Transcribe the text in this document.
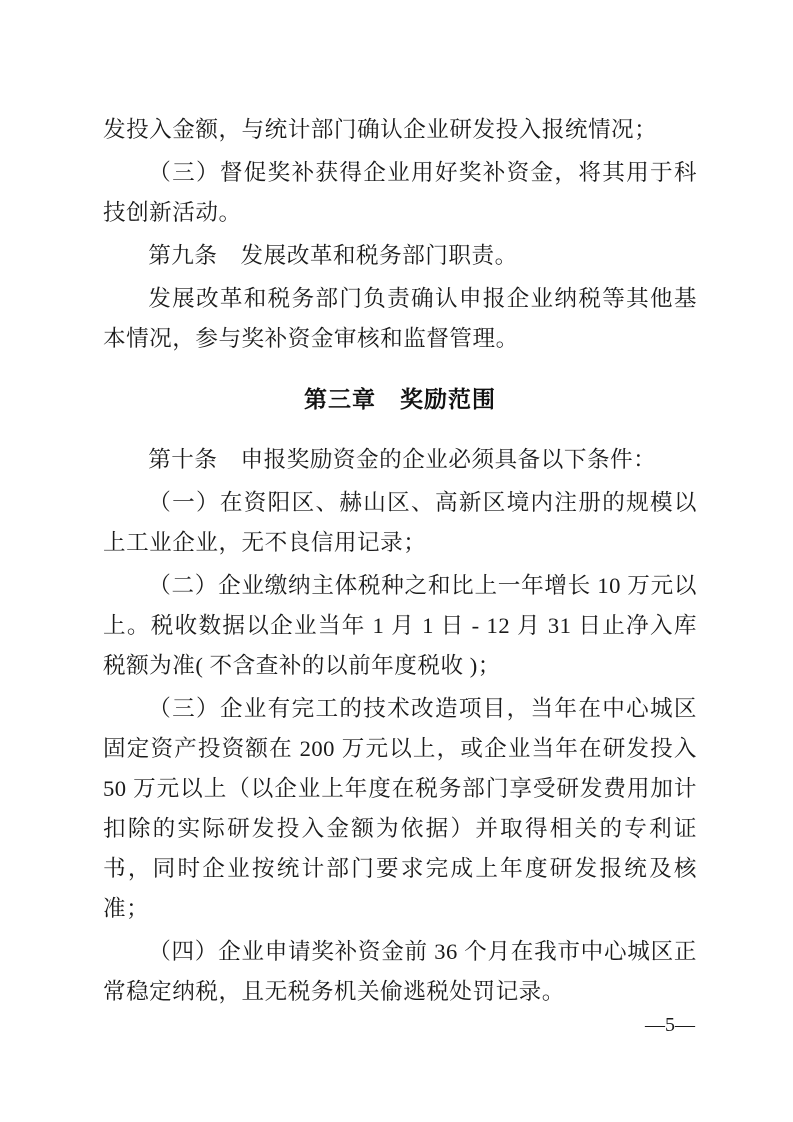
发投入金额，与统计部门确认企业研发投入报统情况；
（三）督促奖补获得企业用好奖补资金，将其用于科技创新活动。
第九条　发展改革和税务部门职责。
发展改革和税务部门负责确认申报企业纳税等其他基本情况，参与奖补资金审核和监督管理。
第三章　奖励范围
第十条　申报奖励资金的企业必须具备以下条件：
（一）在资阳区、赫山区、高新区境内注册的规模以上工业企业，无不良信用记录；
（二）企业缴纳主体税种之和比上一年增长 10 万元以上。税收数据以企业当年 1 月 1 日 - 12 月 31 日止净入库税额为准( 不含查补的以前年度税收 )；
（三）企业有完工的技术改造项目，当年在中心城区固定资产投资额在 200 万元以上，或企业当年在研发投入 50 万元以上（以企业上年度在税务部门享受研发费用加计扣除的实际研发投入金额为依据）并取得相关的专利证书，同时企业按统计部门要求完成上年度研发报统及核准；
（四）企业申请奖补资金前 36 个月在我市中心城区正常稳定纳税，且无税务机关偷逃税处罚记录。
—5—
